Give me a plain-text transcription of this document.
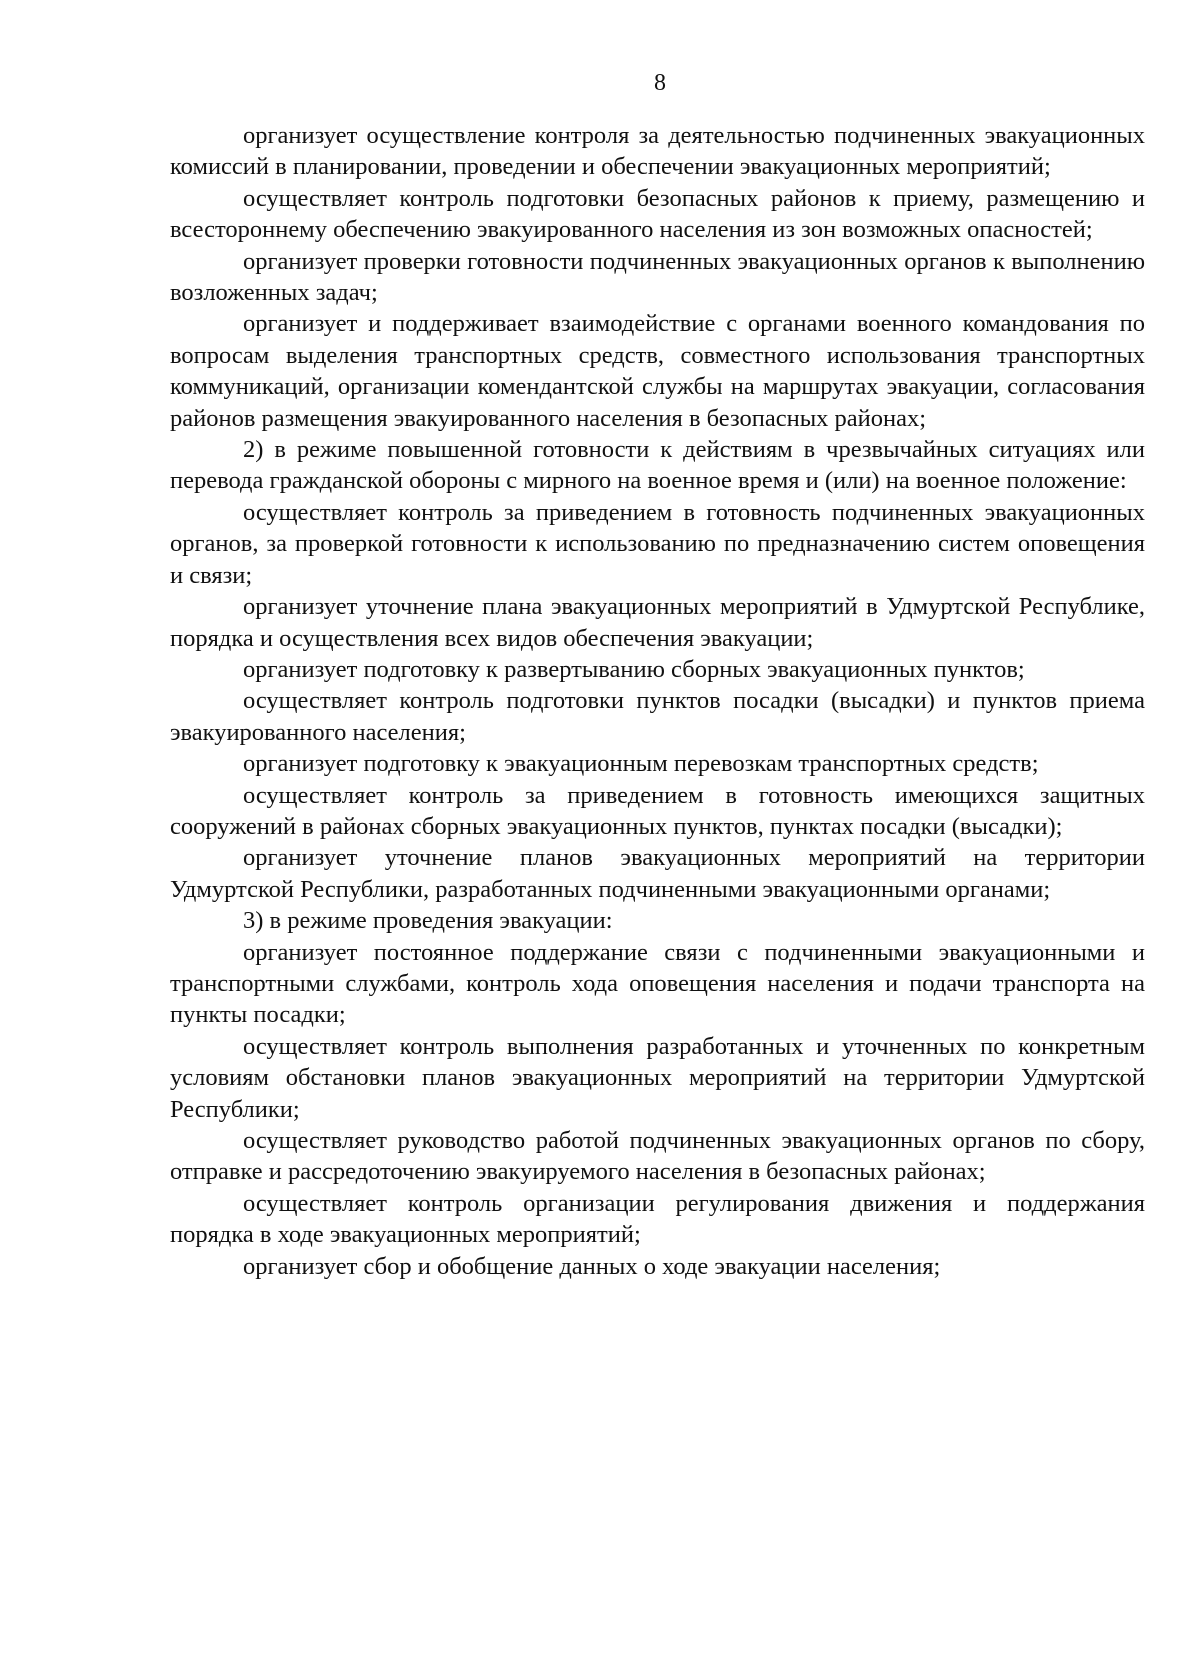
8

организует осуществление контроля за деятельностью подчиненных эвакуационных комиссий в планировании, проведении и обеспечении эвакуационных мероприятий;

осуществляет контроль подготовки безопасных районов к приему, размещению и всестороннему обеспечению эвакуированного населения из зон возможных опасностей;

организует проверки готовности подчиненных эвакуационных органов к выполнению возложенных задач;

организует и поддерживает взаимодействие с органами военного командования по вопросам выделения транспортных средств, совместного использования транспортных коммуникаций, организации комендантской службы на маршрутах эвакуации, согласования районов размещения эвакуированного населения в безопасных районах;

2) в режиме повышенной готовности к действиям в чрезвычайных ситуациях или перевода гражданской обороны с мирного на военное время и (или) на военное положение:

осуществляет контроль за приведением в готовность подчиненных эвакуационных органов, за проверкой готовности к использованию по предназначению систем оповещения и связи;

организует уточнение плана эвакуационных мероприятий в Удмуртской Республике, порядка и осуществления всех видов обеспечения эвакуации;

организует подготовку к развертыванию сборных эвакуационных пунктов;

осуществляет контроль подготовки пунктов посадки (высадки) и пунктов приема эвакуированного населения;

организует подготовку к эвакуационным перевозкам транспортных средств;

осуществляет контроль за приведением в готовность имеющихся защитных сооружений в районах сборных эвакуационных пунктов, пунктах посадки (высадки);

организует уточнение планов эвакуационных мероприятий на территории Удмуртской Республики, разработанных подчиненными эвакуационными органами;

3) в режиме проведения эвакуации:

организует постоянное поддержание связи с подчиненными эвакуационными и транспортными службами, контроль хода оповещения населения и подачи транспорта на пункты посадки;

осуществляет контроль выполнения разработанных и уточненных по конкретным условиям обстановки планов эвакуационных мероприятий на территории Удмуртской Республики;

осуществляет руководство работой подчиненных эвакуационных органов по сбору, отправке и рассредоточению эвакуируемого населения в безопасных районах;

осуществляет контроль организации регулирования движения и поддержания порядка в ходе эвакуационных мероприятий;

организует сбор и обобщение данных о ходе эвакуации населения;
